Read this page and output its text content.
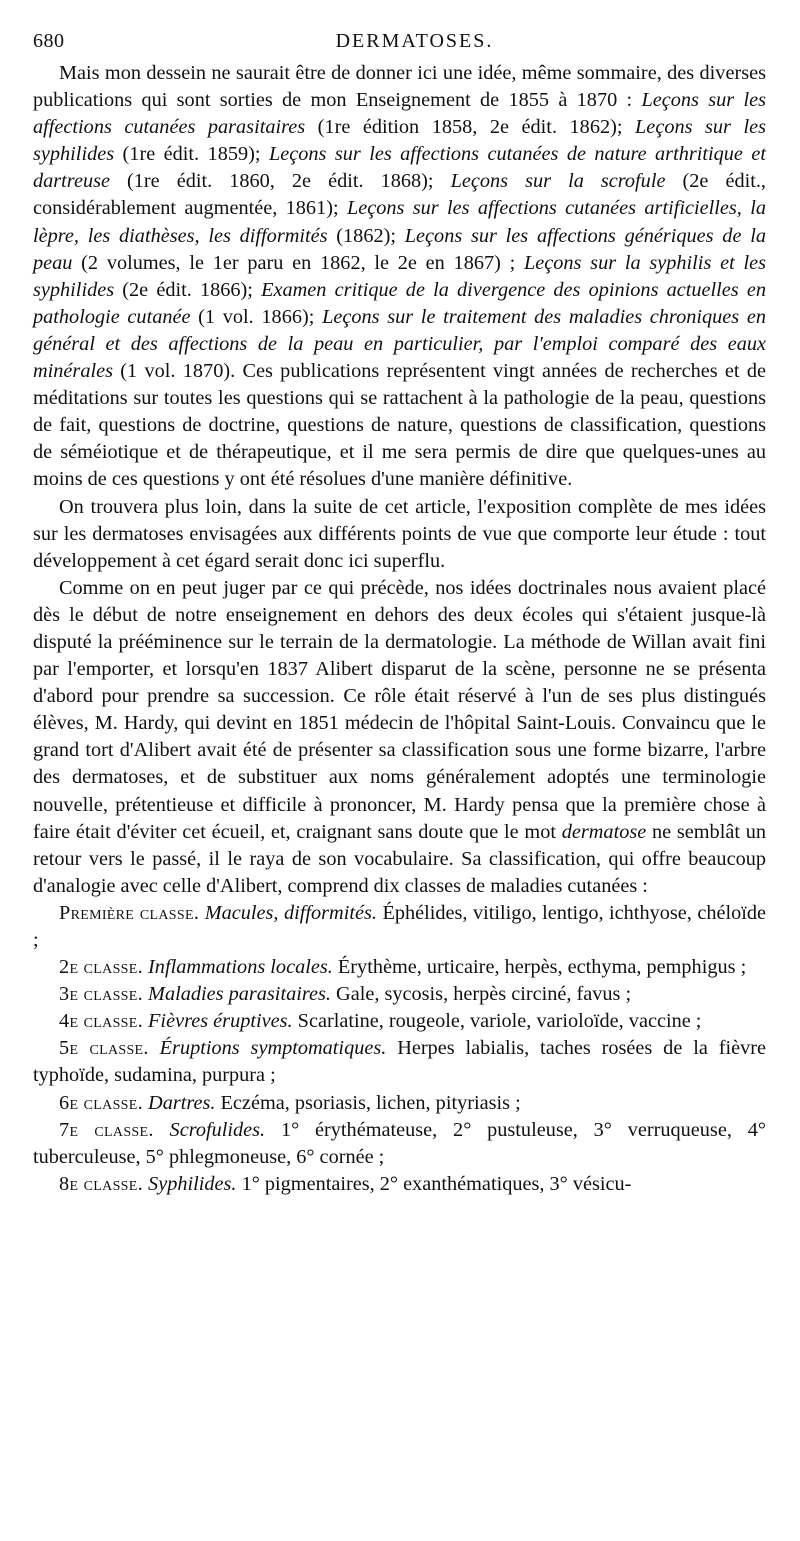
680	DERMATOSES.

Mais mon dessein ne saurait être de donner ici une idée, même sommaire, des diverses publications qui sont sorties de mon Enseignement de 1855 à 1870 : Leçons sur les affections cutanées parasitaires (1re édition 1858, 2e édit. 1862); Leçons sur les syphilides (1re édit. 1859); Leçons sur les affections cutanées de nature arthritique et dartreuse (1re édit. 1860, 2e édit. 1868); Leçons sur la scrofule (2e édit., considérablement augmentée, 1861); Leçons sur les affections cutanées artificielles, la lèpre, les diathèses, les difformités (1862); Leçons sur les affections génériques de la peau (2 volumes, le 1er paru en 1862, le 2e en 1867) ; Leçons sur la syphilis et les syphilides (2e édit. 1866); Examen critique de la divergence des opinions actuelles en pathologie cutanée (1 vol. 1866); Leçons sur le traitement des maladies chroniques en général et des affections de la peau en particulier, par l'emploi comparé des eaux minérales (1 vol. 1870). Ces publications représentent vingt années de recherches et de méditations sur toutes les questions qui se rattachent à la pathologie de la peau, questions de fait, questions de doctrine, questions de nature, questions de classification, questions de séméiotique et de thérapeutique, et il me sera permis de dire que quelques-unes au moins de ces questions y ont été résolues d'une manière définitive.

On trouvera plus loin, dans la suite de cet article, l'exposition complète de mes idées sur les dermatoses envisagées aux différents points de vue que comporte leur étude : tout développement à cet égard serait donc ici superflu.

Comme on en peut juger par ce qui précède, nos idées doctrinales nous avaient placé dès le début de notre enseignement en dehors des deux écoles qui s'étaient jusque-là disputé la prééminence sur le terrain de la dermatologie. La méthode de Willan avait fini par l'emporter, et lorsqu'en 1837 Alibert disparut de la scène, personne ne se présenta d'abord pour prendre sa succession. Ce rôle était réservé à l'un de ses plus distingués élèves, M. Hardy, qui devint en 1851 médecin de l'hôpital Saint-Louis. Convaincu que le grand tort d'Alibert avait été de présenter sa classification sous une forme bizarre, l'arbre des dermatoses, et de substituer aux noms généralement adoptés une terminologie nouvelle, prétentieuse et difficile à prononcer, M. Hardy pensa que la première chose à faire était d'éviter cet écueil, et, craignant sans doute que le mot dermatose ne semblât un retour vers le passé, il le raya de son vocabulaire. Sa classification, qui offre beaucoup d'analogie avec celle d'Alibert, comprend dix classes de maladies cutanées :

Première classe. Macules, difformités. Éphélides, vitiligo, lentigo, ichthyose, chéloïde ;

2e classe. Inflammations locales. Érythème, urticaire, herpès, ecthyma, pemphigus ;

3e classe. Maladies parasitaires. Gale, sycosis, herpès circiné, favus ;

4e classe. Fièvres éruptives. Scarlatine, rougeole, variole, varioloïde, vaccine ;

5e classe. Éruptions symptomatiques. Herpes labialis, taches rosées de la fièvre typhoïde, sudamina, purpura ;

6e classe. Dartres. Eczéma, psoriasis, lichen, pityriasis ;

7e classe. Scrofulides. 1° érythémateuse, 2° pustuleuse, 3° verruqueuse, 4° tuberculeuse, 5° phlegmoneuse, 6° cornée ;

8e classe. Syphilides. 1° pigmentaires, 2° exanthématiques, 3° vésicu-
